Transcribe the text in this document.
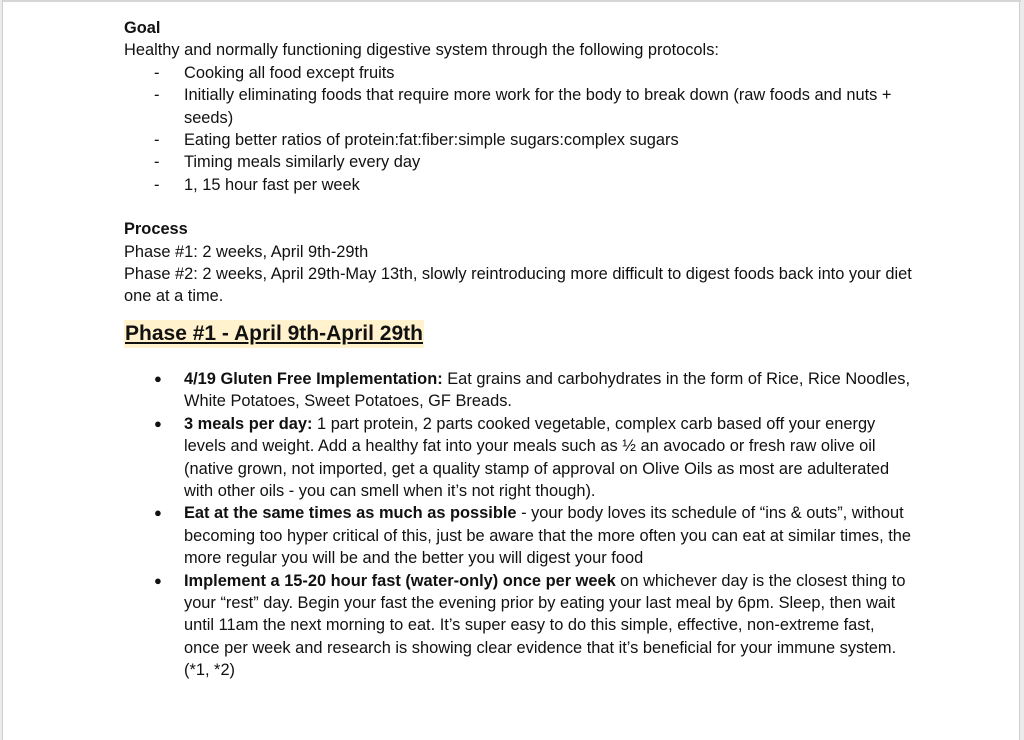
Goal

Healthy and normally functioning digestive system through the following protocols:

- Cooking all food except fruits
- Initially eliminating foods that require more work for the body to break down (raw foods and nuts + seeds)
- Eating better ratios of protein:fat:fiber:simple sugars:complex sugars
- Timing meals similarly every day
- 1, 15 hour fast per week

Process

Phase #1: 2 weeks, April 9th-29th

Phase #2: 2 weeks, April 29th-May 13th, slowly reintroducing more difficult to digest foods back into your diet one at a time.

Phase #1 - April 9th-April 29th
● 4/19 Gluten Free Implementation: Eat grains and carbohydrates in the form of Rice, Rice Noodles, White Potatoes, Sweet Potatoes, GF Breads.
● 3 meals per day: 1 part protein, 2 parts cooked vegetable, complex carb based off your energy levels and weight. Add a healthy fat into your meals such as ½ an avocado or fresh raw olive oil (native grown, not imported, get a quality stamp of approval on Olive Oils as most are adulterated with other oils - you can smell when it’s not right though).
● Eat at the same times as much as possible - your body loves its schedule of “ins & outs”, without becoming too hyper critical of this, just be aware that the more often you can eat at similar times, the more regular you will be and the better you will digest your food
● Implement a 15-20 hour fast (water-only) once per week on whichever day is the closest thing to your “rest” day. Begin your fast the evening prior by eating your last meal by 6pm. Sleep, then wait until 11am the next morning to eat. It’s super easy to do this simple, effective, non-extreme fast, once per week and research is showing clear evidence that it’s beneficial for your immune system. (*1, *2)
